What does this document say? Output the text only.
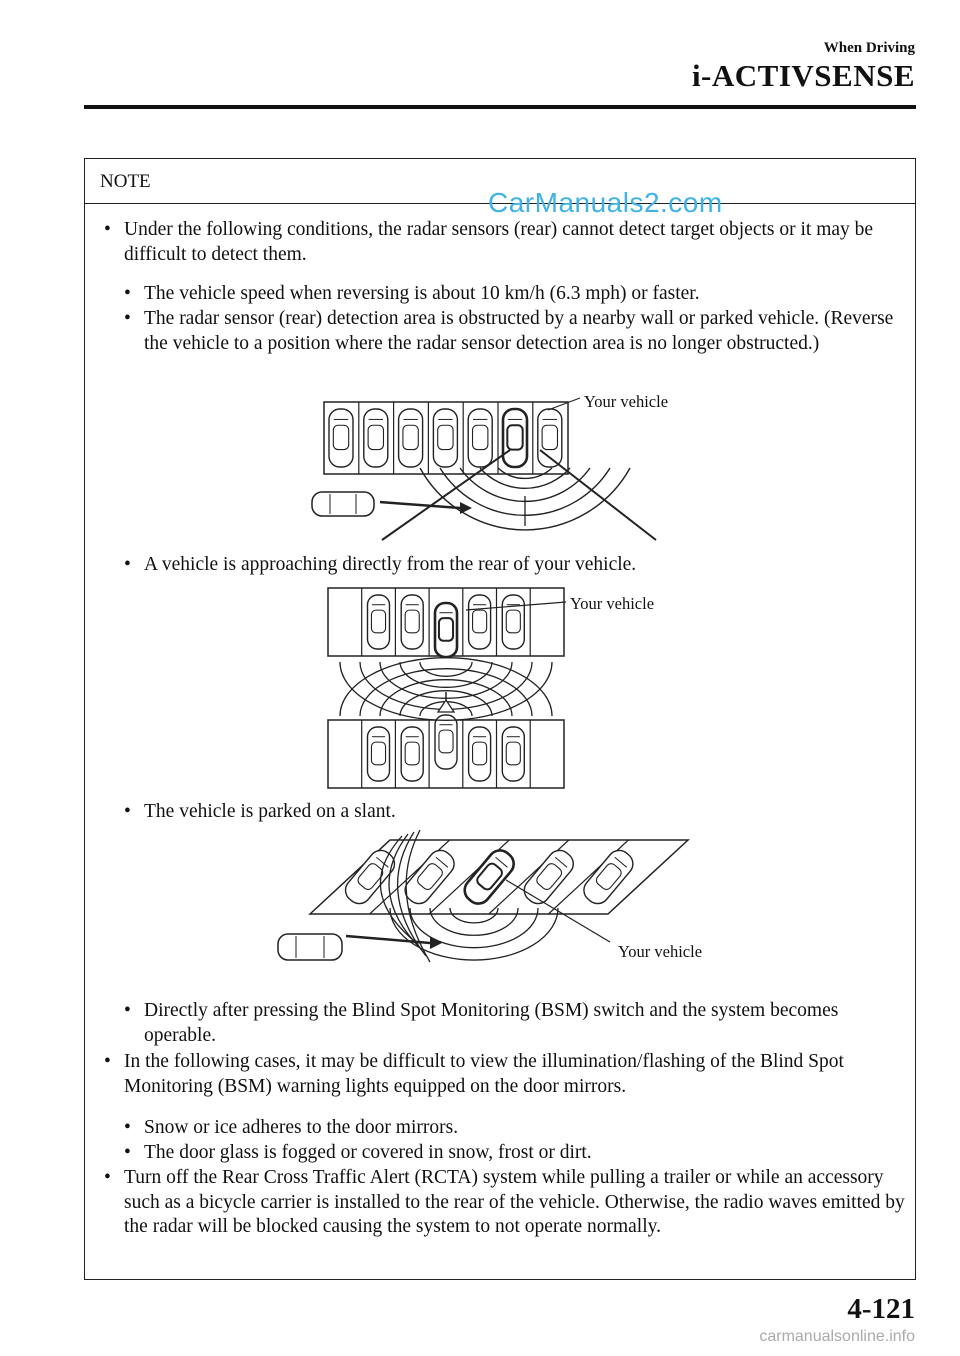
When Driving
i-ACTIVSENSE
NOTE
CarManuals2.com
• Under the following conditions, the radar sensors (rear) cannot detect target objects or it may be difficult to detect them.
• The vehicle speed when reversing is about 10 km/h (6.3 mph) or faster.
• The radar sensor (rear) detection area is obstructed by a nearby wall or parked vehicle. (Reverse the vehicle to a position where the radar sensor detection area is no longer obstructed.)
Your vehicle
• A vehicle is approaching directly from the rear of your vehicle.
Your vehicle
• The vehicle is parked on a slant.
Your vehicle
• Directly after pressing the Blind Spot Monitoring (BSM) switch and the system becomes operable.
• In the following cases, it may be difficult to view the illumination/flashing of the Blind Spot Monitoring (BSM) warning lights equipped on the door mirrors.
• Snow or ice adheres to the door mirrors.
• The door glass is fogged or covered in snow, frost or dirt.
• Turn off the Rear Cross Traffic Alert (RCTA) system while pulling a trailer or while an accessory such as a bicycle carrier is installed to the rear of the vehicle. Otherwise, the radio waves emitted by the radar will be blocked causing the system to not operate normally.
4-121
carmanualsonline.info
